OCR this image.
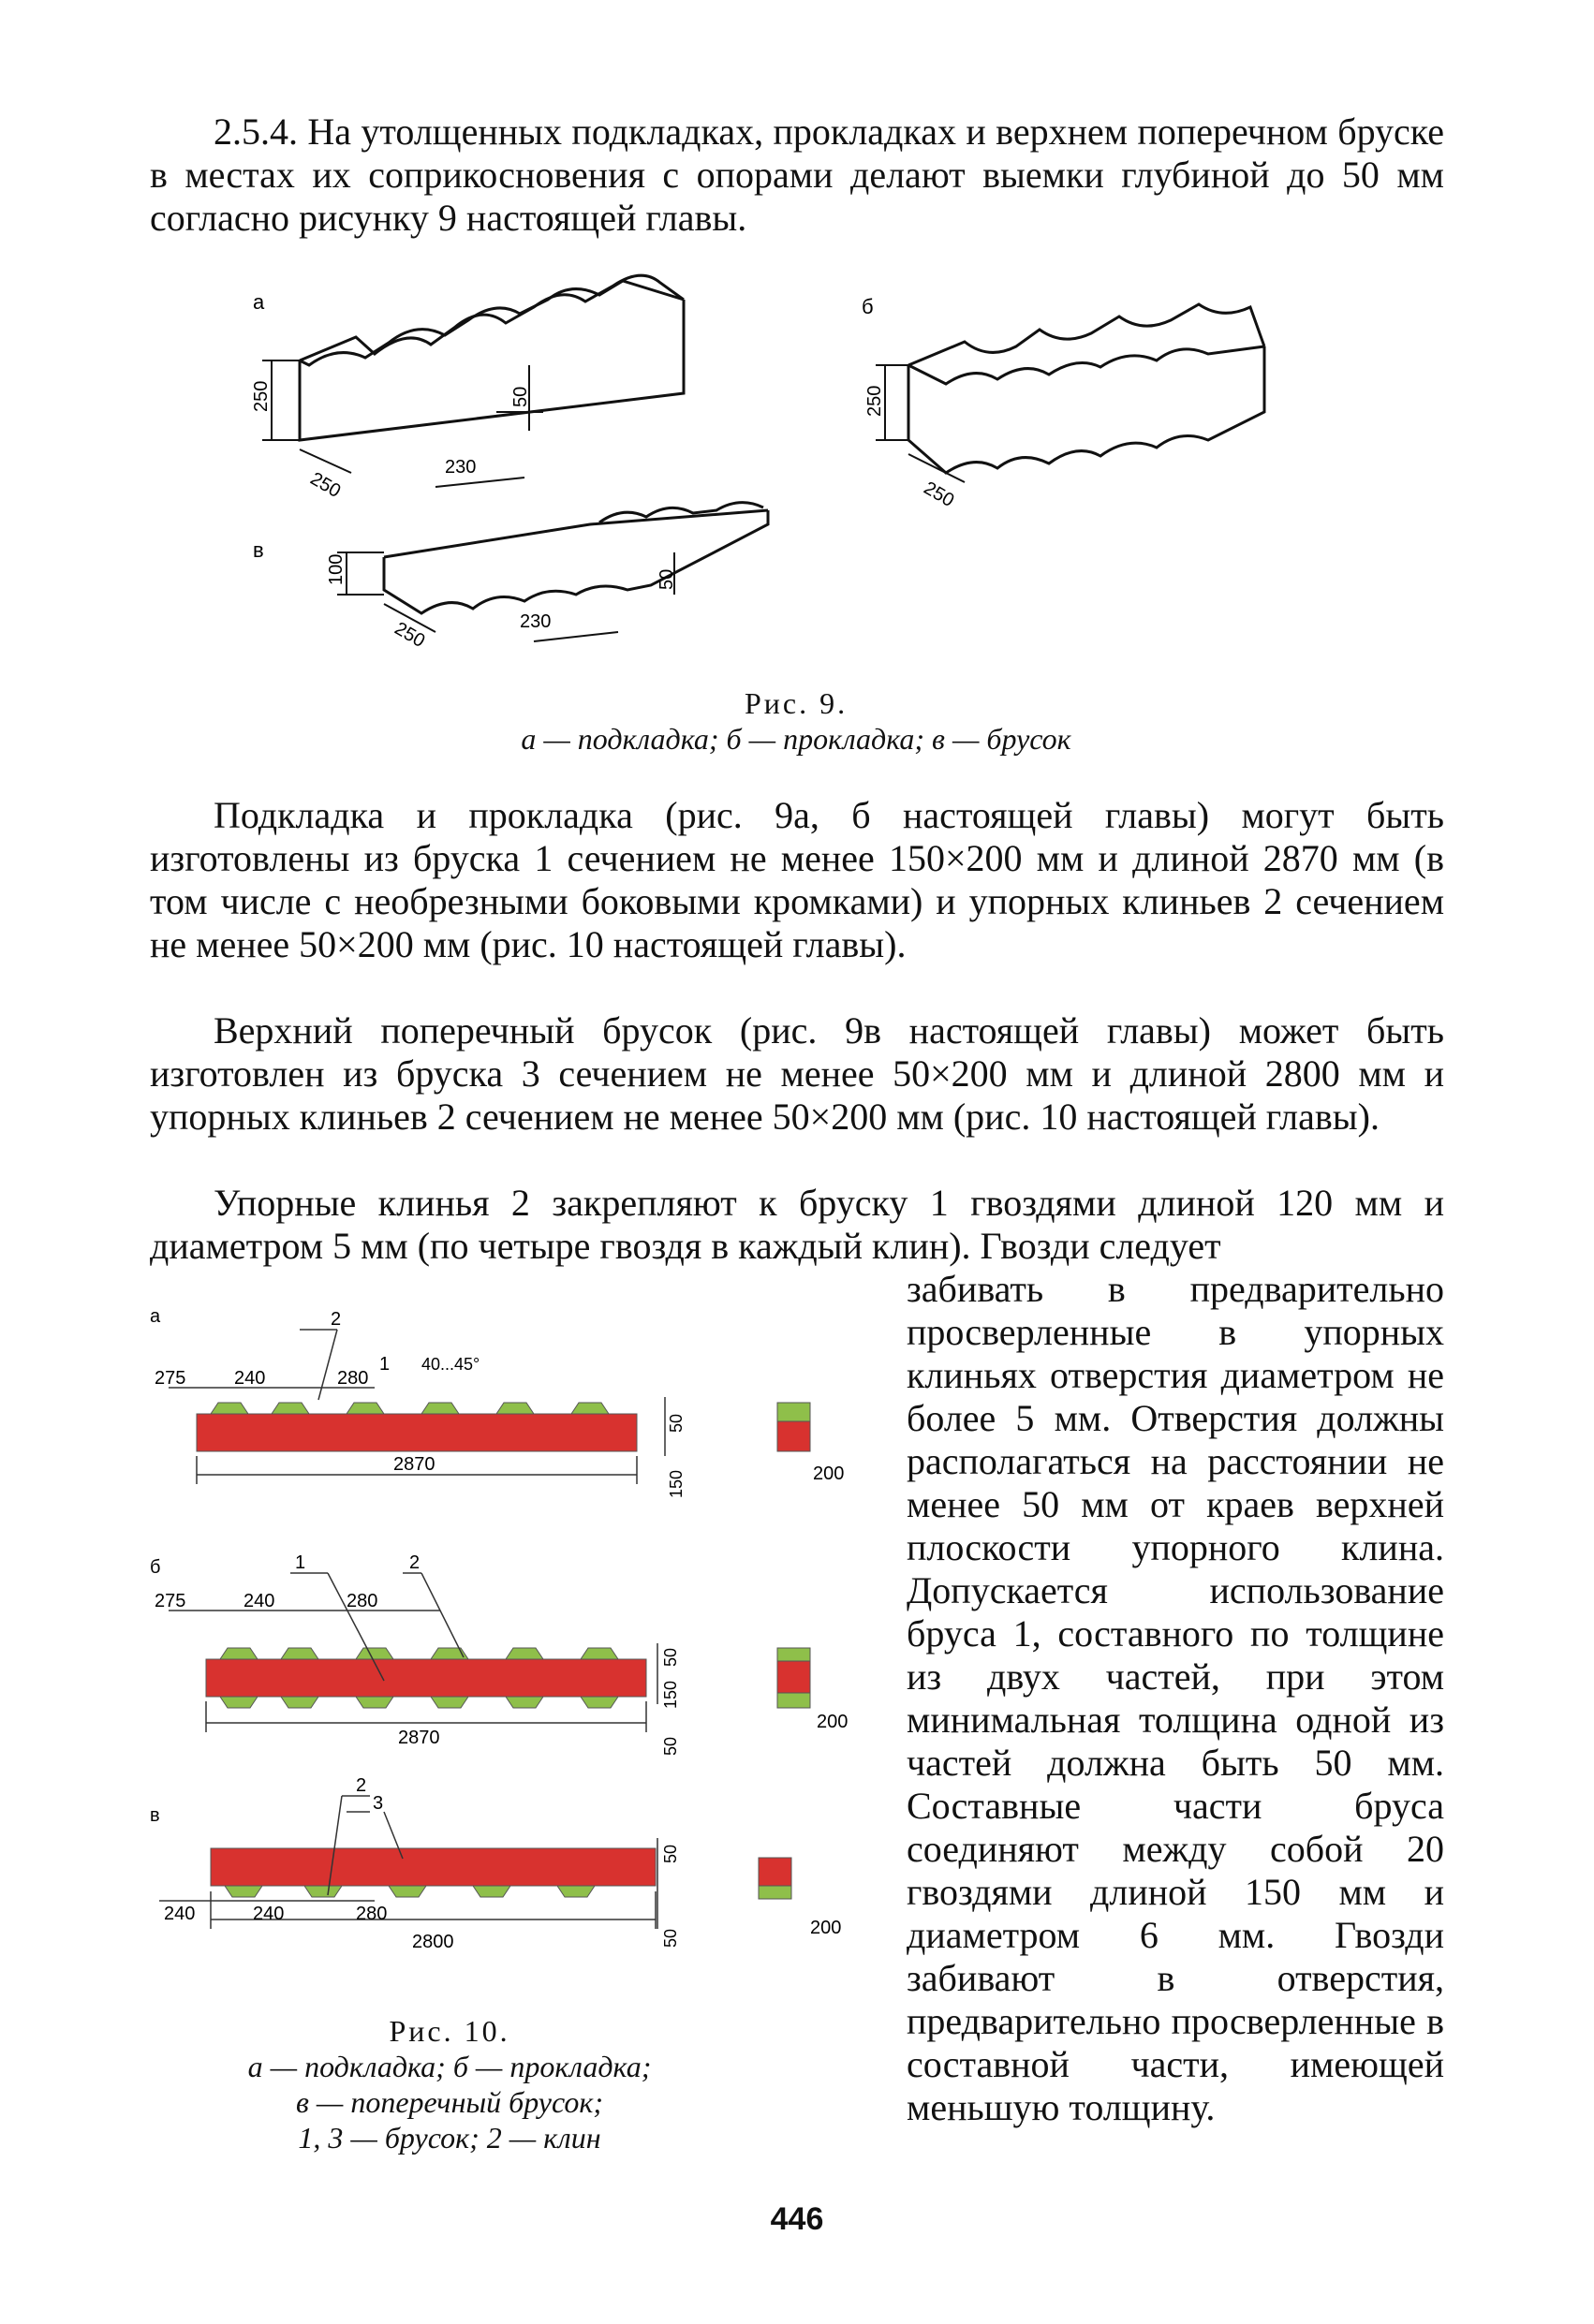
2.5.4. На утолщенных подкладках, прокладках и верхнем поперечном бруске в местах их соприкосновения с опорами делают выемки глубиной до 50 мм согласно рисунку 9 настоящей главы.
а	б
в
250
250
50
230
250
250
100
250	230
50
Рис. 9.
а — подкладка; б — прокладка; в — брусок
Подкладка и прокладка (рис. 9а, б настоящей главы) могут быть изготовлены из бруска 1 сечением не менее 150×200 мм и длиной 2870 мм (в том числе с необрезными боковыми кромками) и упорных клиньев 2 сечением не менее 50×200 мм (рис. 10 настоящей главы).
Верхний поперечный брусок (рис. 9в настоящей главы) может быть изготовлен из бруска 3 сечением не менее 50×200 мм и длиной 2800 мм и упорных клиньев 2 сечением не менее 50×200 мм (рис. 10 настоящей главы).
Упорные клинья 2 закрепляют к бруску 1 гвоздями длиной 120 мм и диаметром 5 мм (по четыре гвоздя в каждый клин). Гвозди следует
а
б
в
275	240	280
2870
2
1 40...45°
50
150	200
275	240	280
2870
1	2
50
150
50
200
2
3
50
50
240	240	280
2800
200
Рис. 10.
а — подкладка; б — прокладка;
в — поперечный брусок;
1, 3 — брусок; 2 — клин
забивать в предварительно просверленные в упорных клиньях отверстия диаметром не более 5 мм. Отверстия должны располагаться на расстоянии не менее 50 мм от краев верхней плоскости упорного клина. Допускается использование бруса 1, составного по толщине из двух частей, при этом минимальная толщина одной из частей должна быть 50 мм. Составные части бруса соединяют между собой 20 гвоздями длиной 150 мм и диаметром 6 мм. Гвозди забивают в отверстия, предварительно просверленные в составной части, имеющей меньшую толщину.
446
